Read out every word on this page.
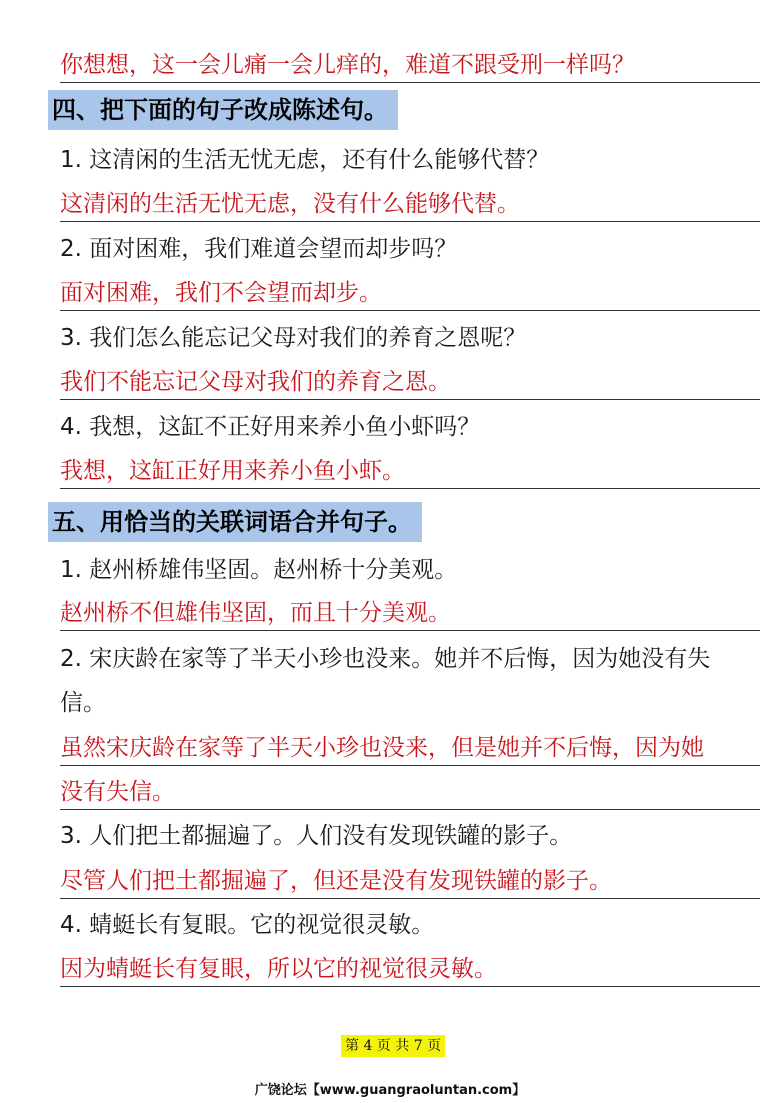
你想想，这一会儿痛一会儿痒的，难道不跟受刑一样吗？
四、把下面的句子改成陈述句。
1. 这清闲的生活无忧无虑，还有什么能够代替？
这清闲的生活无忧无虑，没有什么能够代替。
2. 面对困难，我们难道会望而却步吗？
面对困难，我们不会望而却步。
3. 我们怎么能忘记父母对我们的养育之恩呢？
我们不能忘记父母对我们的养育之恩。
4. 我想，这缸不正好用来养小鱼小虾吗？
我想，这缸正好用来养小鱼小虾。
五、用恰当的关联词语合并句子。
1. 赵州桥雄伟坚固。赵州桥十分美观。
赵州桥不但雄伟坚固，而且十分美观。
2. 宋庆龄在家等了半天小珍也没来。她并不后悔，因为她没有失
信。
虽然宋庆龄在家等了半天小珍也没来，但是她并不后悔，因为她
没有失信。
3. 人们把土都掘遍了。人们没有发现铁罐的影子。
尽管人们把土都掘遍了，但还是没有发现铁罐的影子。
4. 蜻蜓长有复眼。它的视觉很灵敏。
因为蜻蜓长有复眼，所以它的视觉很灵敏。
第 4 页 共 7 页
广饶论坛【www.guangraoluntan.com】
